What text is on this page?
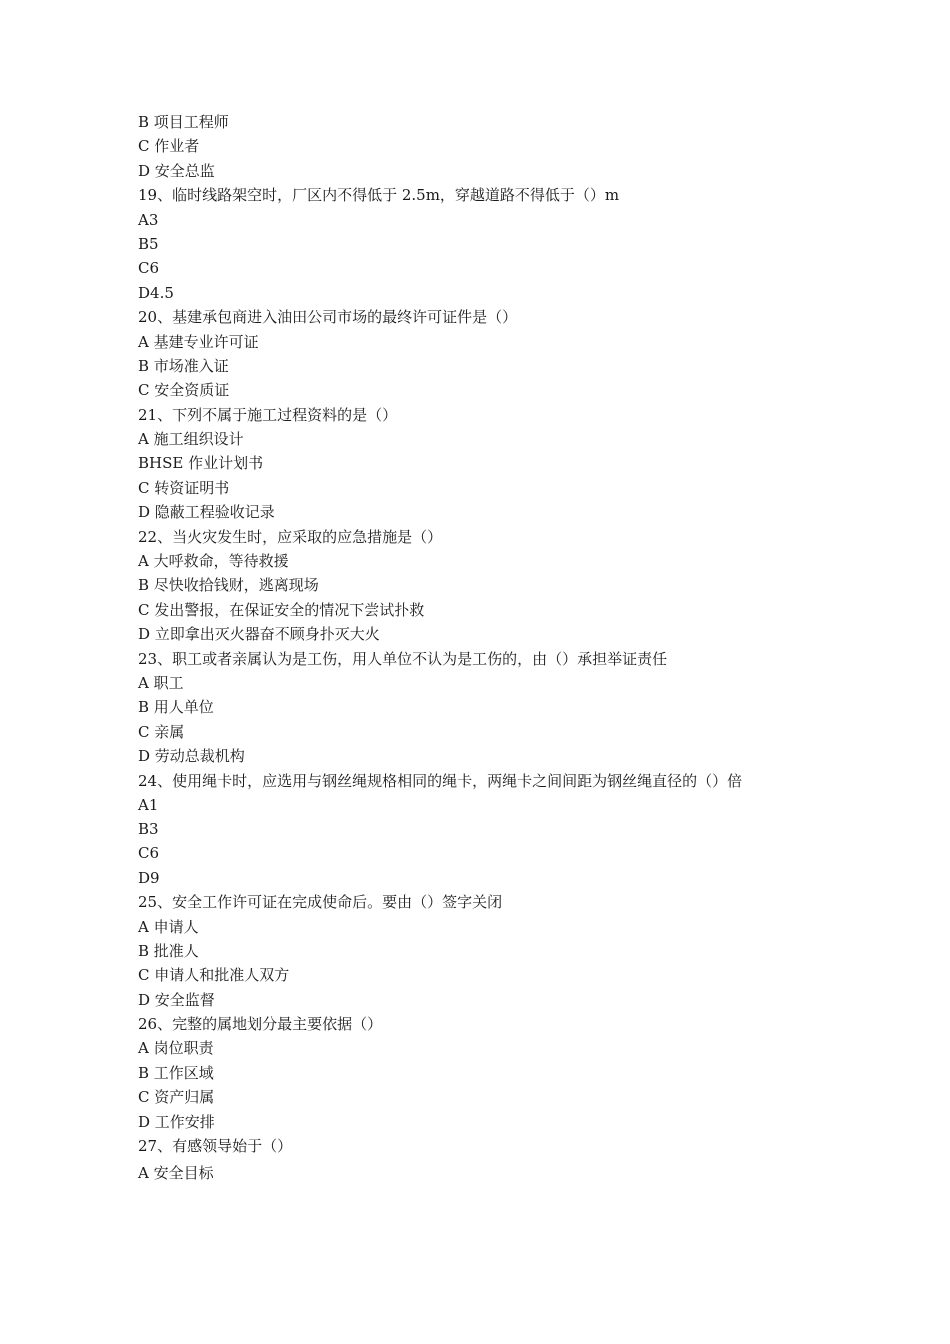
B 项目工程师
C 作业者
D 安全总监
19、临时线路架空时，厂区内不得低于 2.5m，穿越道路不得低于（）m
A3
B5
C6
D4.5
20、基建承包商进入油田公司市场的最终许可证件是（）
A 基建专业许可证
B 市场准入证
C 安全资质证
21、下列不属于施工过程资料的是（）
A 施工组织设计
BHSE 作业计划书
C 转资证明书
D 隐蔽工程验收记录
22、当火灾发生时，应采取的应急措施是（）
A 大呼救命，等待救援
B 尽快收拾钱财，逃离现场
C 发出警报，在保证安全的情况下尝试扑救
D 立即拿出灭火器奋不顾身扑灭大火
23、职工或者亲属认为是工伤，用人单位不认为是工伤的，由（）承担举证责任
A 职工
B 用人单位
C 亲属
D 劳动总裁机构
24、使用绳卡时，应选用与钢丝绳规格相同的绳卡，两绳卡之间间距为钢丝绳直径的（）倍
A1
B3
C6
D9
25、安全工作许可证在完成使命后。要由（）签字关闭
A 申请人
B 批准人
C 申请人和批准人双方
D 安全监督
26、完整的属地划分最主要依据（）
A 岗位职责
B 工作区域
C 资产归属
D 工作安排
27、有感领导始于（）
A 安全目标
